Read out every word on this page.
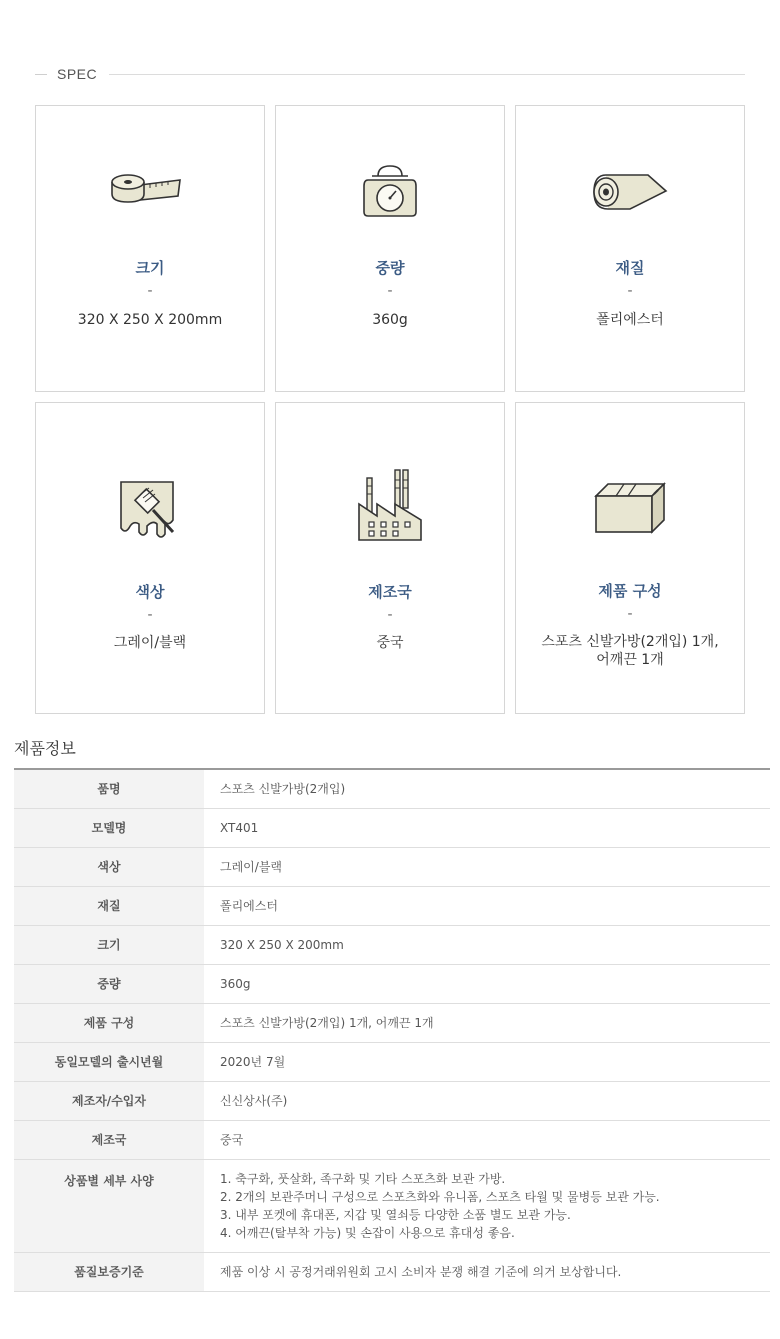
SPEC
크기
-
320 X 250 X 200mm
중량
-
360g
재질
-
폴리에스터
색상
-
그레이/블랙
제조국
-
중국
제품 구성
-
스포츠 신발가방(2개입) 1개,
어깨끈 1개
제품정보
품명	스포츠 신발가방(2개입)
모델명	XT401
색상	그레이/블랙
재질	폴리에스터
크기	320 X 250 X 200mm
중량	360g
제품 구성	스포츠 신발가방(2개입) 1개, 어깨끈 1개
동일모델의 출시년월	2020년 7월
제조자/수입자	신신상사(주)
제조국	중국
상품별 세부 사양	1. 축구화, 풋살화, 족구화 및 기타 스포츠화 보관 가방.
2. 2개의 보관주머니 구성으로 스포츠화와 유니폼, 스포츠 타월 및 물병등 보관 가능.
3. 내부 포켓에 휴대폰, 지갑 및 열쇠등 다양한 소품 별도 보관 가능.
4. 어깨끈(탈부착 가능) 및 손잡이 사용으로 휴대성 좋음.

품질보증기준	제품 이상 시 공정거래위원회 고시 소비자 분쟁 해결 기준에 의거 보상합니다.
